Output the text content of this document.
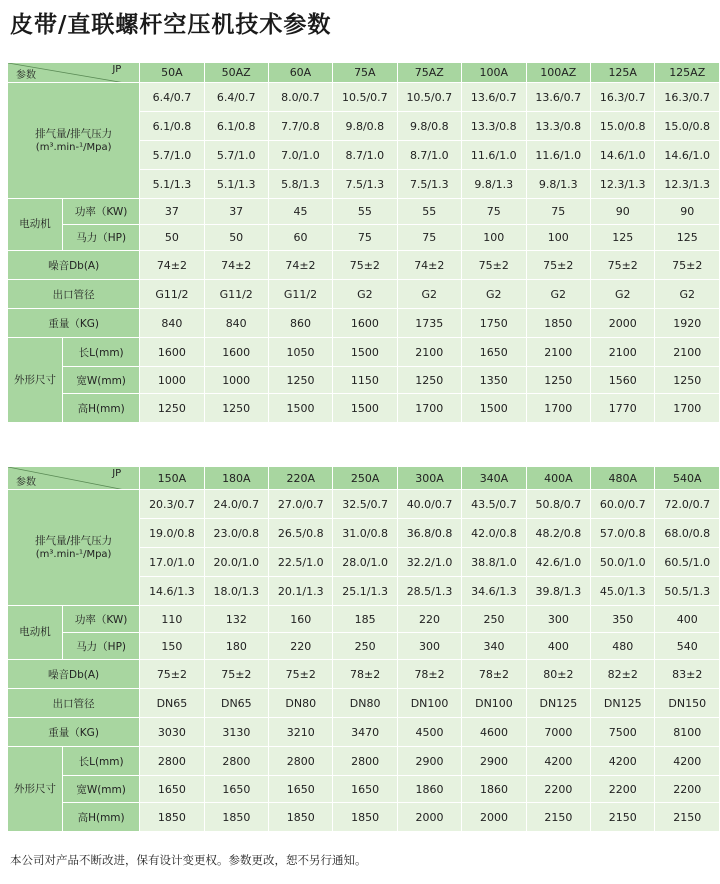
皮带/直联螺杆空压机技术参数
JP
参数		50A	50AZ	60A	75A	75AZ	100A	100AZ	125A	125AZ

排气量/排气压力
(m³.min-¹/Mpa)		6.4/0.7	6.4/0.7	8.0/0.7	10.5/0.7	10.5/0.7	13.6/0.7	13.6/0.7	16.3/0.7	16.3/0.7
		6.1/0.8	6.1/0.8	7.7/0.8	9.8/0.8	9.8/0.8	13.3/0.8	13.3/0.8	15.0/0.8	15.0/0.8
		5.7/1.0	5.7/1.0	7.0/1.0	8.7/1.0	8.7/1.0	11.6/1.0	11.6/1.0	14.6/1.0	14.6/1.0
		5.1/1.3	5.1/1.3	5.8/1.3	7.5/1.3	7.5/1.3	9.8/1.3	9.8/1.3	12.3/1.3	12.3/1.3
电动机	功率（KW)	37	37	45	55	55	75	75	90	90
	马力（HP)	50	50	60	75	75	100	100	125	125
噪音Db(A)		74±2	74±2	74±2	75±2	74±2	75±2	75±2	75±2	75±2
出口管径		G11/2	G11/2	G11/2	G2	G2	G2	G2	G2	G2
重量（KG)		840	840	860	1600	1735	1750	1850	2000	1920
外形尺寸	长L(mm)	1600	1600	1050	1500	2100	1650	2100	2100	2100
	宽W(mm)	1000	1000	1250	1150	1250	1350	1250	1560	1250
	高H(mm)	1250	1250	1500	1500	1700	1500	1700	1770	1700
JP
参数		150A	180A	220A	250A	300A	340A	400A	480A	540A

排气量/排气压力
(m³.min-¹/Mpa)		20.3/0.7	24.0/0.7	27.0/0.7	32.5/0.7	40.0/0.7	43.5/0.7	50.8/0.7	60.0/0.7	72.0/0.7
		19.0/0.8	23.0/0.8	26.5/0.8	31.0/0.8	36.8/0.8	42.0/0.8	48.2/0.8	57.0/0.8	68.0/0.8
		17.0/1.0	20.0/1.0	22.5/1.0	28.0/1.0	32.2/1.0	38.8/1.0	42.6/1.0	50.0/1.0	60.5/1.0
		14.6/1.3	18.0/1.3	20.1/1.3	25.1/1.3	28.5/1.3	34.6/1.3	39.8/1.3	45.0/1.3	50.5/1.3
电动机	功率（KW)	110	132	160	185	220	250	300	350	400
	马力（HP)	150	180	220	250	300	340	400	480	540
噪音Db(A)		75±2	75±2	75±2	78±2	78±2	78±2	80±2	82±2	83±2
出口管径		DN65	DN65	DN80	DN80	DN100	DN100	DN125	DN125	DN150
重量（KG)		3030	3130	3210	3470	4500	4600	7000	7500	8100
外形尺寸	长L(mm)	2800	2800	2800	2800	2900	2900	4200	4200	4200
	宽W(mm)	1650	1650	1650	1650	1860	1860	2200	2200	2200
	高H(mm)	1850	1850	1850	1850	2000	2000	2150	2150	2150
本公司对产品不断改进，保有设计变更权。参数更改，恕不另行通知。
